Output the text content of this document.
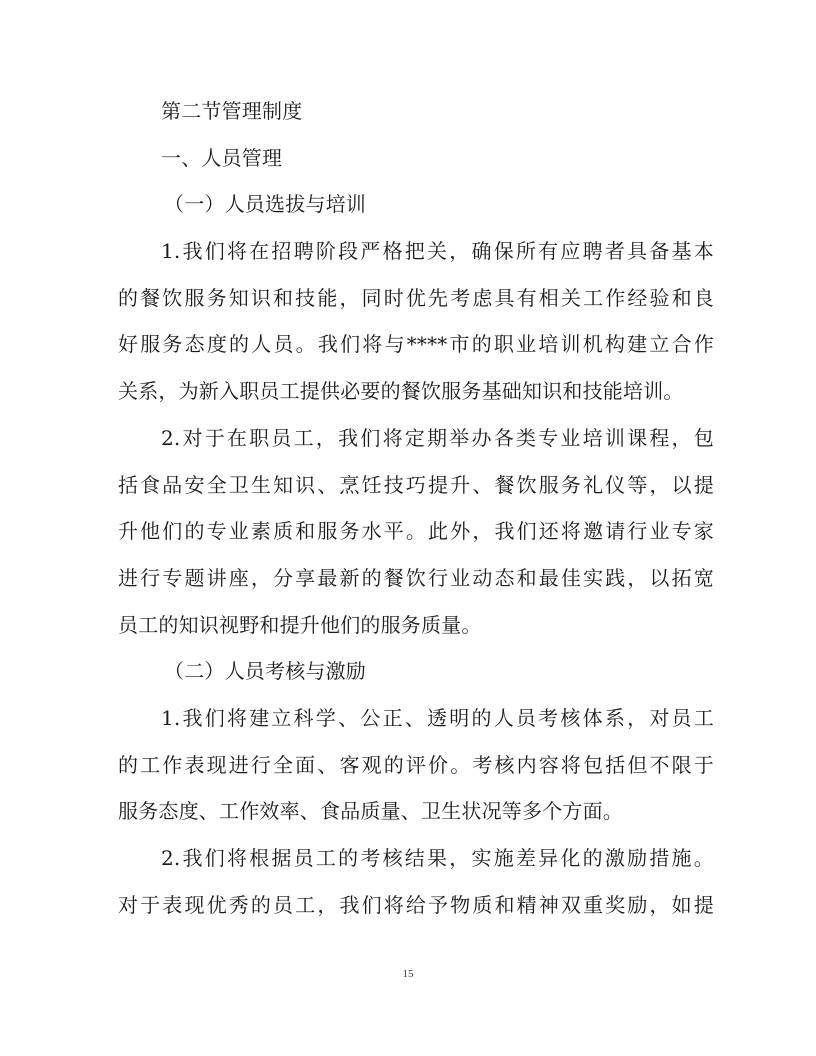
第二节管理制度
一、人员管理
（一）人员选拔与培训
1.我们将在招聘阶段严格把关，确保所有应聘者具备基本
的餐饮服务知识和技能，同时优先考虑具有相关工作经验和良
好服务态度的人员。我们将与****市的职业培训机构建立合作
关系，为新入职员工提供必要的餐饮服务基础知识和技能培训。
2.对于在职员工，我们将定期举办各类专业培训课程，包
括食品安全卫生知识、烹饪技巧提升、餐饮服务礼仪等，以提
升他们的专业素质和服务水平。此外，我们还将邀请行业专家
进行专题讲座，分享最新的餐饮行业动态和最佳实践，以拓宽
员工的知识视野和提升他们的服务质量。
（二）人员考核与激励
1.我们将建立科学、公正、透明的人员考核体系，对员工
的工作表现进行全面、客观的评价。考核内容将包括但不限于
服务态度、工作效率、食品质量、卫生状况等多个方面。
2.我们将根据员工的考核结果，实施差异化的激励措施。
对于表现优秀的员工，我们将给予物质和精神双重奖励，如提
15
